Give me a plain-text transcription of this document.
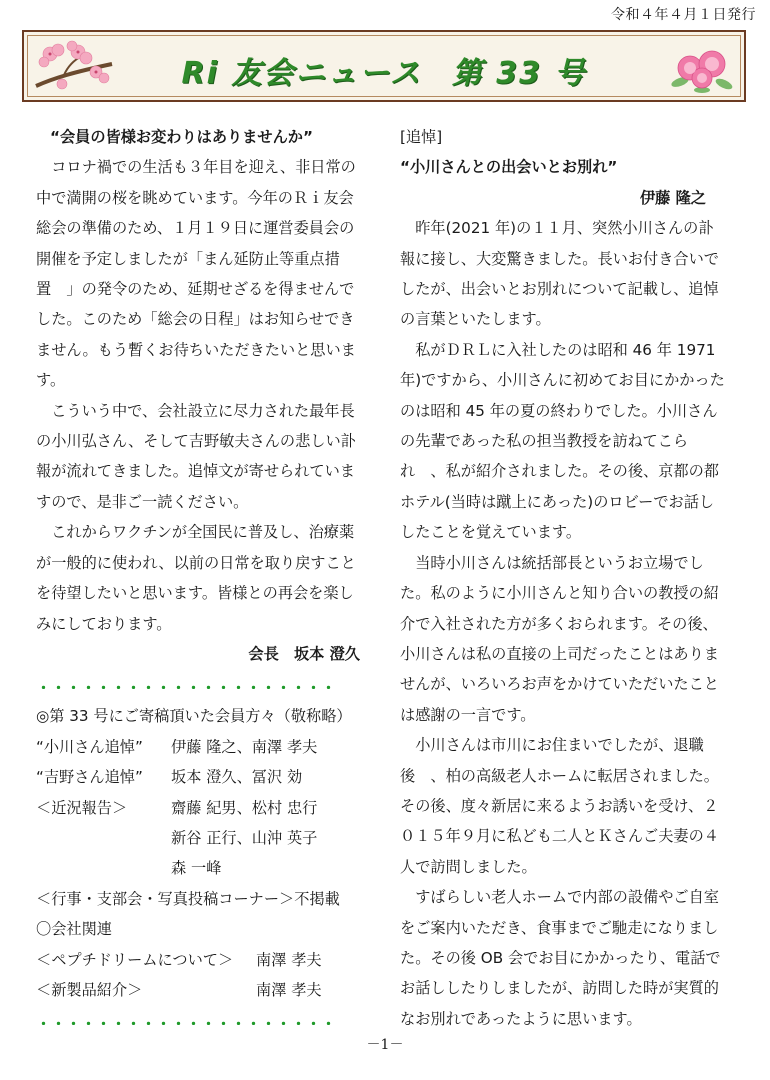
令和４年４月１日発行
Ri 友会ニュース 第 33 号

“会員の皆様お変わりはありませんか”

コロナ禍での生活も３年目を迎え、非日常の中で満開の桜を眺めています。今年のＲｉ友会総会の準備のため、１月１９日に運営委員会の開催を予定しましたが「まん延防止等重点措置　」の発令のため、延期せざるを得ませんでした。このため「総会の日程」はお知らせできません。もう暫くお待ちいただきたいと思います。

こういう中で、会社設立に尽力された最年長の小川弘さん、そして吉野敏夫さんの悲しい訃報が流れてきました。追悼文が寄せられていますので、是非ご一読ください。

これからワクチンが全国民に普及し、治療薬が一般的に使われ、以前の日常を取り戻すことを待望したいと思います。皆様との再会を楽しみにしております。

会長　坂本 澄久

・・・・・・・・・・・・・・・・・・・・

◎第 33 号にご寄稿頂いた会員方々（敬称略）

“小川さん追悼”	伊藤 隆之、南澤 孝夫
“吉野さん追悼”	坂本 澄久、冨沢 効
＜近況報告＞	齋藤 紀男、松村 忠行
新谷 正行、山沖 英子
森 一峰

＜行事・支部会・写真投稿コーナー＞不掲載

〇会社関連

＜ペプチドリームについて＞	南澤 孝夫
＜新製品紹介＞	南澤 孝夫
・・・・・・・・・・・・・・・・・・・・

[追悼]

“小川さんとの出会いとお別れ”

伊藤 隆之

昨年(2021 年)の１１月、突然小川さんの訃報に接し、大変驚きました。長いお付き合いでしたが、出会いとお別れについて記載し、追悼の言葉といたします。

私がＤＲＬに入社したのは昭和 46 年 1971 年)ですから、小川さんに初めてお目にかかったのは昭和 45 年の夏の終わりでした。小川さんの先輩であった私の担当教授を訪ねてこられ　、私が紹介されました。その後、京都の都ホテル(当時は蹴上にあった)のロビーでお話ししたことを覚えています。

当時小川さんは統括部長というお立場でした。私のように小川さんと知り合いの教授の紹介で入社された方が多くおられます。その後、小川さんは私の直接の上司だったことはありませんが、いろいろお声をかけていただいたことは感謝の一言です。

小川さんは市川にお住まいでしたが、退職後　、柏の高級老人ホームに転居されました。その後、度々新居に来るようお誘いを受け、２０１５年９月に私ども二人とＫさんご夫妻の４人で訪問しました。

すばらしい老人ホームで内部の設備やご自室をご案内いただき、食事までご馳走になりました。その後 OB 会でお目にかかったり、電話でお話ししたりしましたが、訪問した時が実質的なお別れであったように思います。

－1－
